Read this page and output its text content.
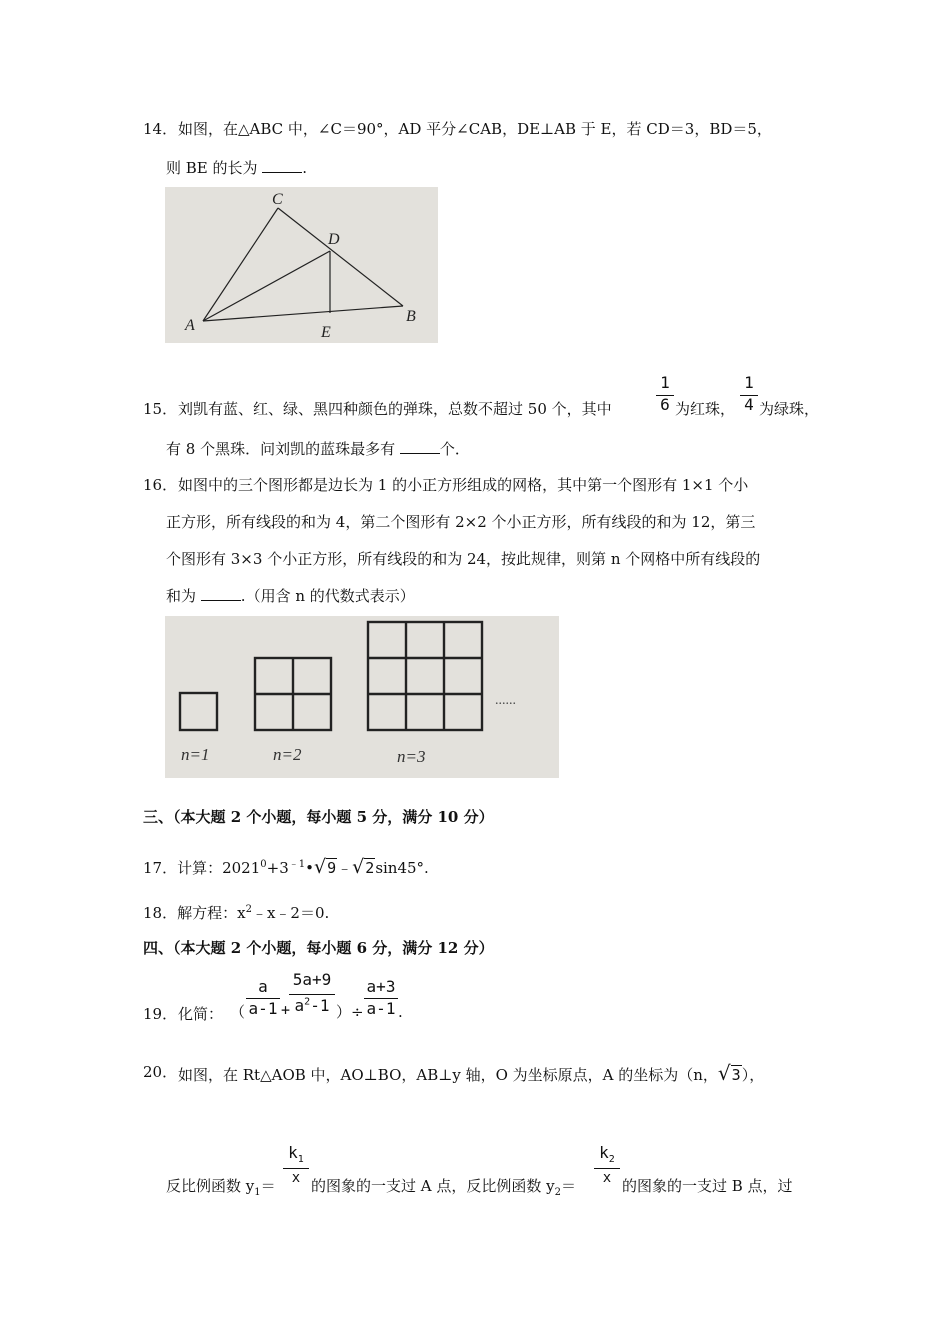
14． 如图，在△ABC 中，∠C＝90°，AD 平分∠CAB，DE⊥AB 于 E，若 CD＝3，BD＝5，
则 BE 的长为	.
C
D
A	E
B
15． 刘凯有蓝、红、绿、黑四种颜色的弹珠，总数不超过 50 个，其中
1
6 为红珠，
1
4 为绿珠，
有 8 个黑珠．问刘凯的蓝珠最多有	个．
16． 如图中的三个图形都是边长为 1 的小正方形组成的网格，其中第一个图形有 1×1 个小
正方形，所有线段的和为 4，第二个图形有 2×2 个小正方形，所有线段的和为 12，第三
个图形有 3×3 个小正方形，所有线段的和为 24，按此规律，则第 n 个网格中所有线段的
和为	.（用含 n 的代数式表示）
......
n=1	n=2	n=3
三、（本大题 2 个小题，每小题 5 分，满分 10 分）
17．计算：$2021^0+3^{﹣1}•√9﹣√2\sin 45^\circ$.
18．解方程：$x^2﹣x﹣2=0$.
四、（本大题 2 个小题，每小题 6 分，满分 12 分）
19． 化简： （
a
a-1 +
5a+9
$a^2-1$ ）÷
a+3
a-1 .
20． 如图，在 Rt△AOB 中，AO⊥BO，AB⊥y 轴，O 为坐标原点，A 的坐标为（n，√3），
反比例函数 $y_1=$
$k_1$
x 的图象的一支过 A 点，反比例函数 $y_2=$
$k_2$
x 的图象的一支过 B 点，过
